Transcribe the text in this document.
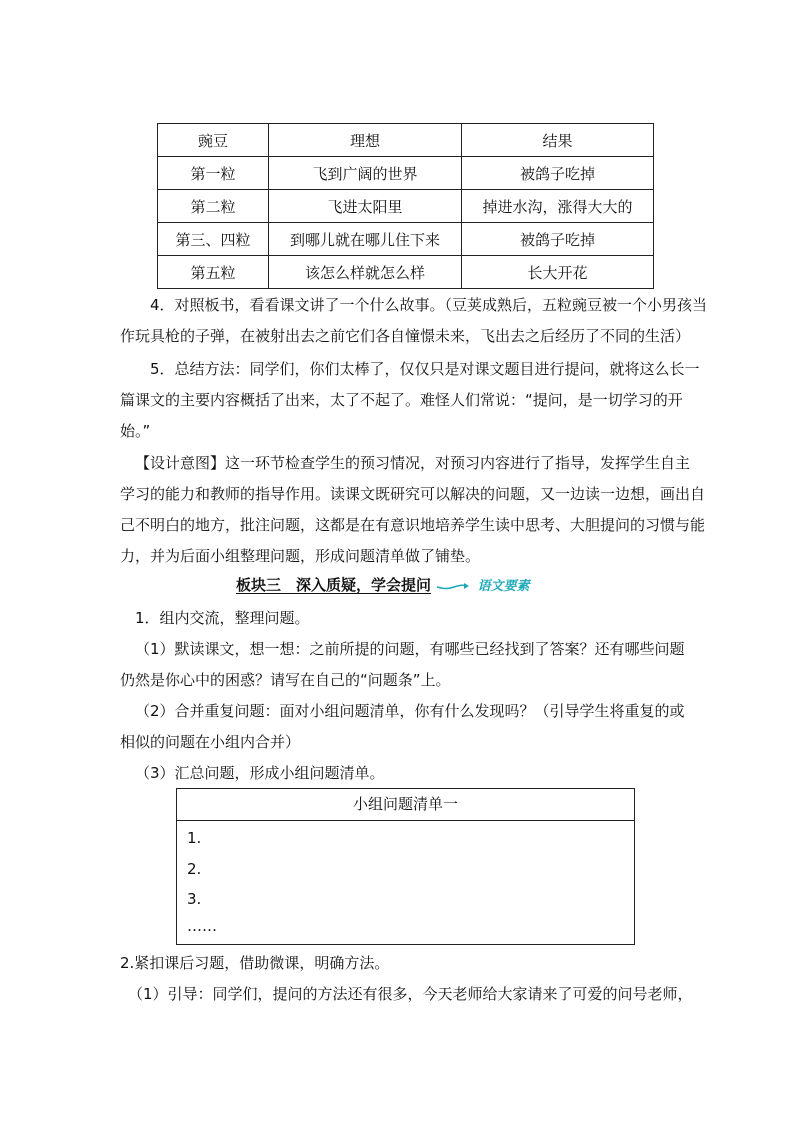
豌豆	理想	结果
第一粒	飞到广阔的世界	被鸽子吃掉
第二粒	飞进太阳里	掉进水沟，涨得大大的
第三、四粒	到哪儿就在哪儿住下来	被鸽子吃掉
第五粒	该怎么样就怎么样	长大开花
4．对照板书，看看课文讲了一个什么故事。（豆荚成熟后，五粒豌豆被一个小男孩当
作玩具枪的子弹，在被射出去之前它们各自憧憬未来，飞出去之后经历了不同的生活）
5．总结方法：同学们，你们太棒了，仅仅只是对课文题目进行提问，就将这么长一
篇课文的主要内容概括了出来，太了不起了。难怪人们常说：“提问，是一切学习的开
始。”
【设计意图】这一环节检查学生的预习情况，对预习内容进行了指导，发挥学生自主
学习的能力和教师的指导作用。读课文既研究可以解决的问题，又一边读一边想，画出自
己不明白的地方，批注问题，这都是在有意识地培养学生读中思考、大胆提问的习惯与能
力，并为后面小组整理问题，形成问题清单做了铺垫。
板块三　深入质疑，学会提问	语文要素
1．组内交流，整理问题。
（1）默读课文，想一想：之前所提的问题，有哪些已经找到了答案？还有哪些问题
仍然是你心中的困惑？请写在自己的“问题条”上。
（2）合并重复问题：面对小组问题清单，你有什么发现吗？（引导学生将重复的或
相似的问题在小组内合并）
（3）汇总问题，形成小组问题清单。
小组问题清单一
1.
2.
3.
……
2.紧扣课后习题，借助微课，明确方法。
（1）引导：同学们，提问的方法还有很多，今天老师给大家请来了可爱的问号老师，
